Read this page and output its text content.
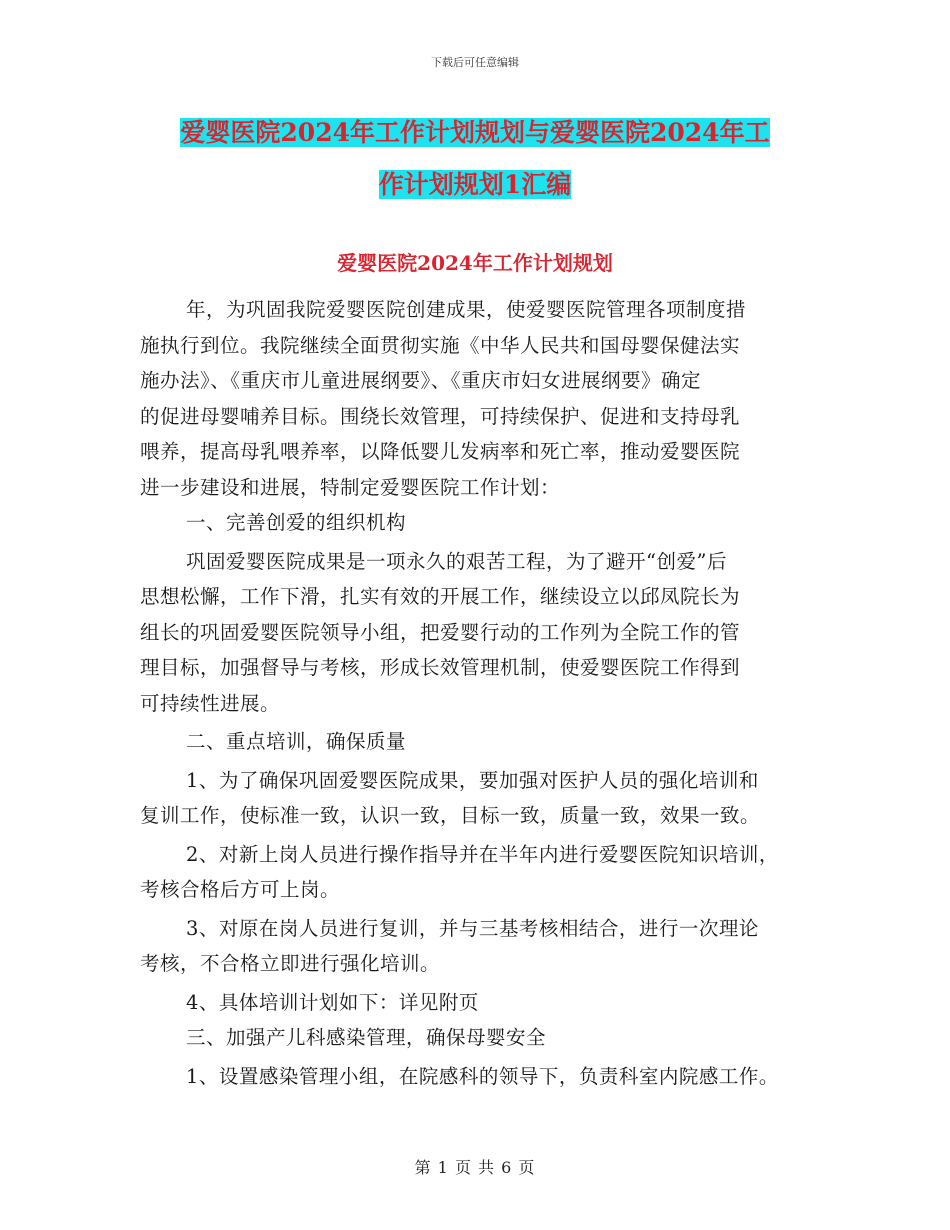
下载后可任意编辑
爱婴医院2024年工作计划规划与爱婴医院2024年工
作计划规划1汇编
爱婴医院2024年工作计划规划
年，为巩固我院爱婴医院创建成果，使爱婴医院管理各项制度措
施执行到位。我院继续全面贯彻实施《中华人民共和国母婴保健法实
施办法》、《重庆市儿童进展纲要》、《重庆市妇女进展纲要》确定
的促进母婴哺养目标。围绕长效管理，可持续保护、促进和支持母乳
喂养，提高母乳喂养率，以降低婴儿发病率和死亡率，推动爱婴医院
进一步建设和进展，特制定爱婴医院工作计划：
一、完善创爱的组织机构
巩固爱婴医院成果是一项永久的艰苦工程，为了避开“创爱”后
思想松懈，工作下滑，扎实有效的开展工作，继续设立以邱凤院长为
组长的巩固爱婴医院领导小组，把爱婴行动的工作列为全院工作的管
理目标，加强督导与考核，形成长效管理机制，使爱婴医院工作得到
可持续性进展。
二、重点培训，确保质量
1、为了确保巩固爱婴医院成果，要加强对医护人员的强化培训和
复训工作，使标准一致，认识一致，目标一致，质量一致，效果一致。
2、对新上岗人员进行操作指导并在半年内进行爱婴医院知识培训，
考核合格后方可上岗。
3、对原在岗人员进行复训，并与三基考核相结合，进行一次理论
考核，不合格立即进行强化培训。
4、具体培训计划如下：详见附页
三、加强产儿科感染管理，确保母婴安全
1、设置感染管理小组，在院感科的领导下，负责科室内院感工作。
第 1 页 共 6 页
